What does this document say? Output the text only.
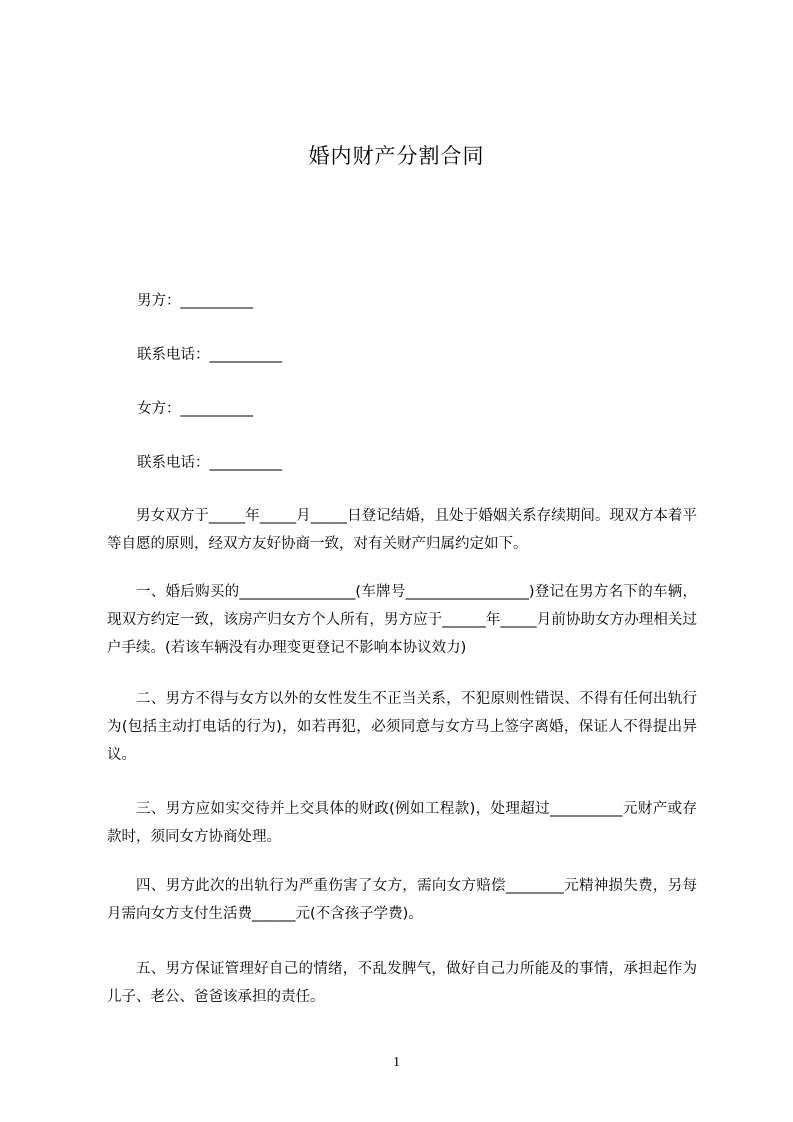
婚内财产分割合同
男方：__________
联系电话：__________
女方：__________
联系电话：__________
男女双方于_____年_____月_____日登记结婚，且处于婚姻关系存续期间。现双方本着平等自愿的原则，经双方友好协商一致，对有关财产归属约定如下。
一、婚后购买的________________(车牌号_________________)登记在男方名下的车辆，现双方约定一致，该房产归女方个人所有，男方应于______年_____月前协助女方办理相关过户手续。(若该车辆没有办理变更登记不影响本协议效力)
二、男方不得与女方以外的女性发生不正当关系，不犯原则性错误、不得有任何出轨行为(包括主动打电话的行为)，如若再犯，必须同意与女方马上签字离婚，保证人不得提出异议。
三、男方应如实交待并上交具体的财政(例如工程款)，处理超过__________元财产或存款时，须同女方协商处理。
四、男方此次的出轨行为严重伤害了女方，需向女方赔偿________元精神损失费，另每月需向女方支付生活费______元(不含孩子学费)。
五、男方保证管理好自己的情绪，不乱发脾气，做好自己力所能及的事情，承担起作为儿子、老公、爸爸该承担的责任。
1
